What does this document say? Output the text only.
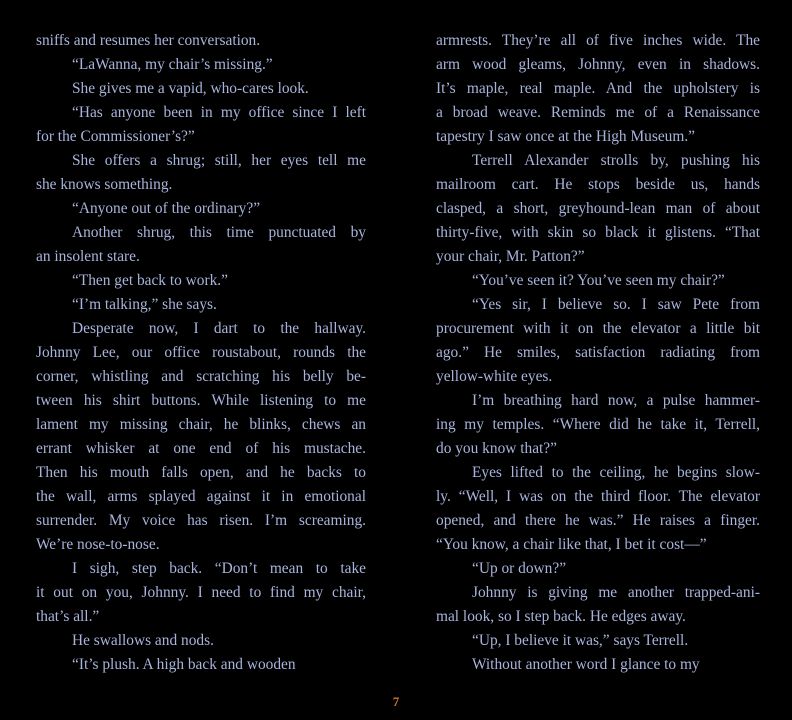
sniffs and resumes her conversation.
“LaWanna, my chair’s missing.”
She gives me a vapid, who-cares look.
“Has anyone been in my office since I left
for the Commissioner’s?”
She offers a shrug; still, her eyes tell me
she knows something.
“Anyone out of the ordinary?”
Another shrug, this time punctuated by
an insolent stare.
“Then get back to work.”
“I’m talking,” she says.
Desperate now, I dart to the hallway.
Johnny Lee, our office roustabout, rounds the
corner, whistling and scratching his belly be-
tween his shirt buttons. While listening to me
lament my missing chair, he blinks, chews an
errant whisker at one end of his mustache.
Then his mouth falls open, and he backs to
the wall, arms splayed against it in emotional
surrender. My voice has risen. I’m screaming.
We’re nose-to-nose.
I sigh, step back. “Don’t mean to take
it out on you, Johnny. I need to find my chair,
that’s all.”
He swallows and nods.
“It’s plush. A high back and wooden
armrests. They’re all of five inches wide. The
arm wood gleams, Johnny, even in shadows.
It’s maple, real maple. And the upholstery is
a broad weave. Reminds me of a Renaissance
tapestry I saw once at the High Museum.”
Terrell Alexander strolls by, pushing his
mailroom cart. He stops beside us, hands
clasped, a short, greyhound-lean man of about
thirty-five, with skin so black it glistens. “That
your chair, Mr. Patton?”
“You’ve seen it? You’ve seen my chair?”
“Yes sir, I believe so. I saw Pete from
procurement with it on the elevator a little bit
ago.” He smiles, satisfaction radiating from
yellow-white eyes.
I’m breathing hard now, a pulse hammer-
ing my temples. “Where did he take it, Terrell,
do you know that?”
Eyes lifted to the ceiling, he begins slow-
ly. “Well, I was on the third floor. The elevator
opened, and there he was.” He raises a finger.
“You know, a chair like that, I bet it cost—”
“Up or down?”
Johnny is giving me another trapped-ani-
mal look, so I step back. He edges away.
“Up, I believe it was,” says Terrell.
Without another word I glance to my
7
